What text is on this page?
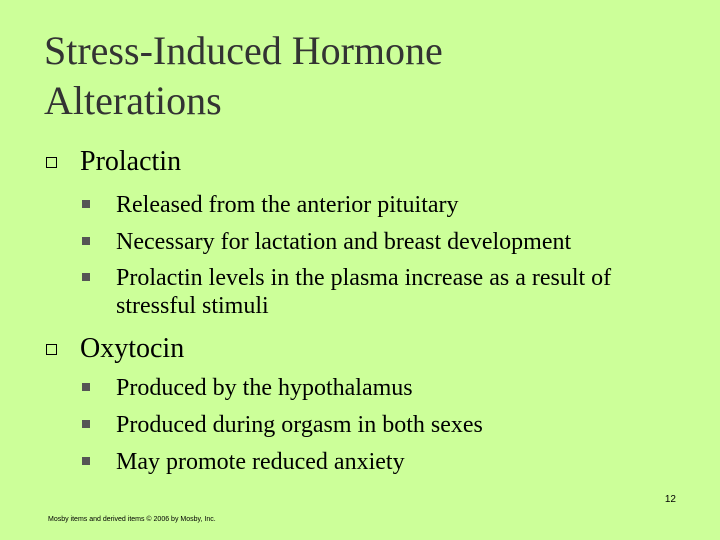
Stress-Induced Hormone
Alterations
Prolactin
Released from the anterior pituitary
Necessary for lactation and breast development
Prolactin levels in the plasma increase as a result of stressful stimuli
Oxytocin
Produced by the hypothalamus
Produced during orgasm in both sexes
May promote reduced anxiety
12
Mosby items and derived items © 2006 by Mosby, Inc.
